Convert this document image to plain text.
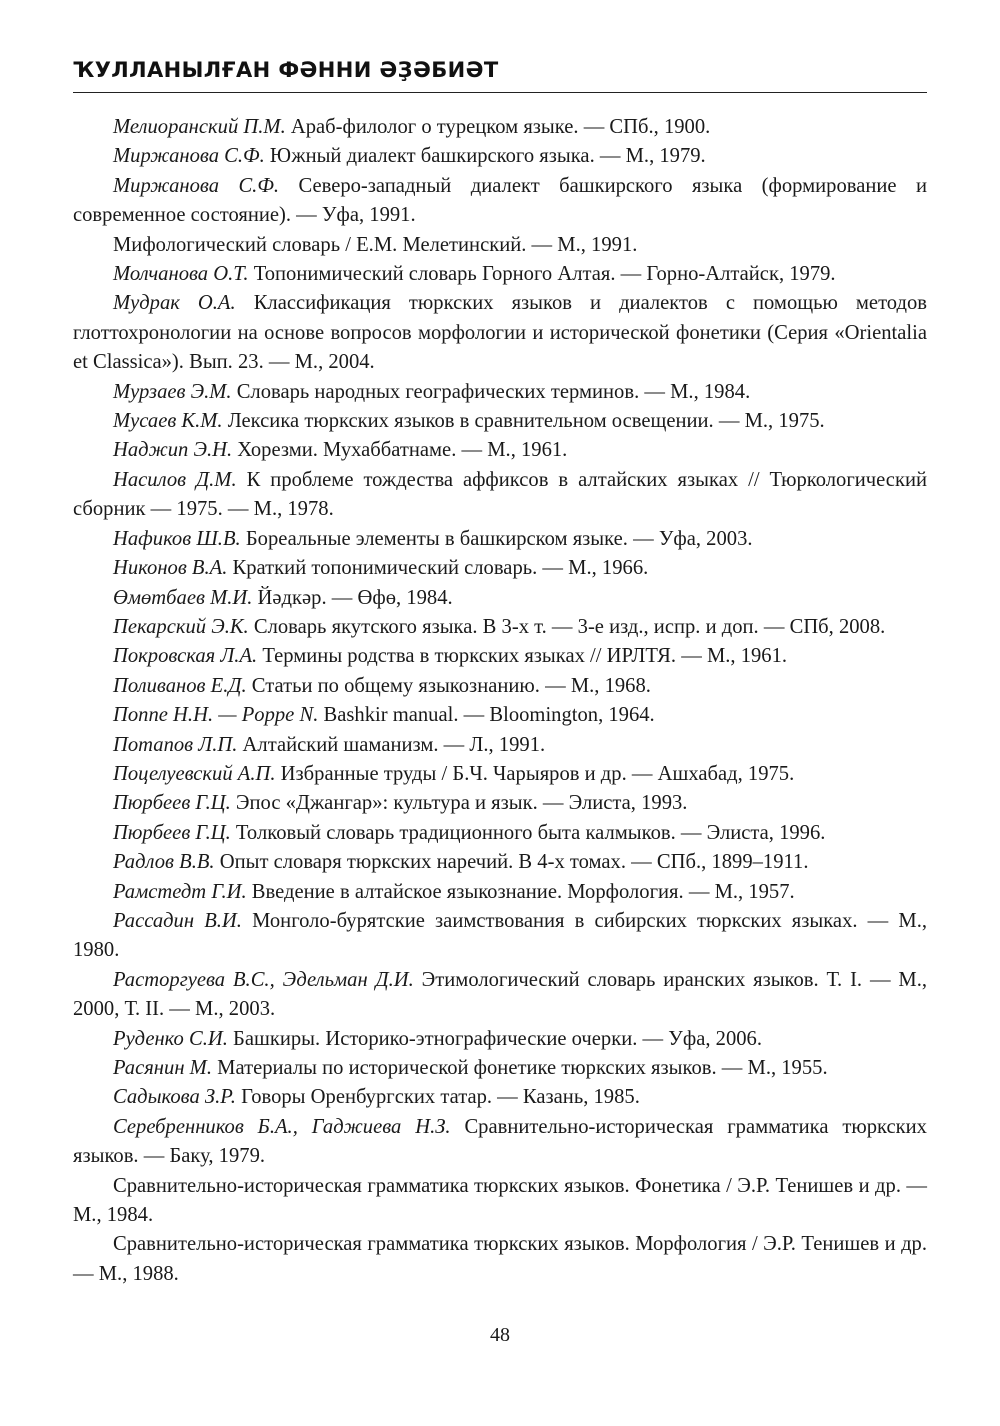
ҠУЛЛАНЫЛҒАН ФӘННИ ӘҘӘБИӘТ
Мелиоранский П.М. Араб-филолог о турецком языке. — СПб., 1900.
Миржанова С.Ф. Южный диалект башкирского языка. — М., 1979.
Миржанова С.Ф. Северо-западный диалект башкирского языка (формирование и современное состояние). — Уфа, 1991.
Мифологический словарь / Е.М. Мелетинский. — М., 1991.
Молчанова О.Т. Топонимический словарь Горного Алтая. — Горно-Алтайск, 1979.
Мудрак О.А. Классификация тюркских языков и диалектов с помощью методов глоттохронологии на основе вопросов морфологии и исторической фонетики (Серия «Orientalia et Classica»). Вып. 23. — М., 2004.
Мурзаев Э.М. Словарь народных географических терминов. — М., 1984.
Мусаев К.М. Лексика тюркских языков в сравнительном освещении. — М., 1975.
Наджип Э.Н. Хорезми. Мухаббатнаме. — М., 1961.
Насилов Д.М. К проблеме тождества аффиксов в алтайских языках // Тюркологический сборник — 1975. — М., 1978.
Нафиков Ш.В. Бореальные элементы в башкирском языке. — Уфа, 2003.
Никонов В.А. Краткий топонимический словарь. — М., 1966.
Өмөтбаев М.И. Йәдкәр. — Өфө, 1984.
Пекарский Э.К. Словарь якутского языка. В 3-х т. — 3-е изд., испр. и доп. — СПб, 2008.
Покровская Л.А. Термины родства в тюркских языках // ИРЛТЯ. — М., 1961.
Поливанов Е.Д. Статьи по общему языкознанию. — М., 1968.
Поппе Н.Н. — Poppe N. Bashkir manual. — Bloomington, 1964.
Потапов Л.П. Алтайский шаманизм. — Л., 1991.
Поцелуевский А.П. Избранные труды / Б.Ч. Чарыяров и др. — Ашхабад, 1975.
Пюрбеев Г.Ц. Эпос «Джангар»: культура и язык. — Элиста, 1993.
Пюрбеев Г.Ц. Толковый словарь традиционного быта калмыков. — Элиста, 1996.
Радлов В.В. Опыт словаря тюркских наречий. В 4-х томах. — СПб., 1899–1911.
Рамстедт Г.И. Введение в алтайское языкознание. Морфология. — М., 1957.
Рассадин В.И. Монголо-бурятские заимствования в сибирских тюркских языках. — М., 1980.
Расторгуева В.С., Эдельман Д.И. Этимологический словарь иранских языков. Т. I. — М., 2000, Т. II. — М., 2003.
Руденко С.И. Башкиры. Историко-этнографические очерки. — Уфа, 2006.
Расянин М. Материалы по исторической фонетике тюркских языков. — М., 1955.
Садыкова З.Р. Говоры Оренбургских татар. — Казань, 1985.
Серебренников Б.А., Гаджиева Н.З. Сравнительно-историческая грамматика тюркских языков. — Баку, 1979.
Сравнительно-историческая грамматика тюркских языков. Фонетика / Э.Р. Тенишев и др. — М., 1984.
Сравнительно-историческая грамматика тюркских языков. Морфология / Э.Р. Тенишев и др. — М., 1988.
48
